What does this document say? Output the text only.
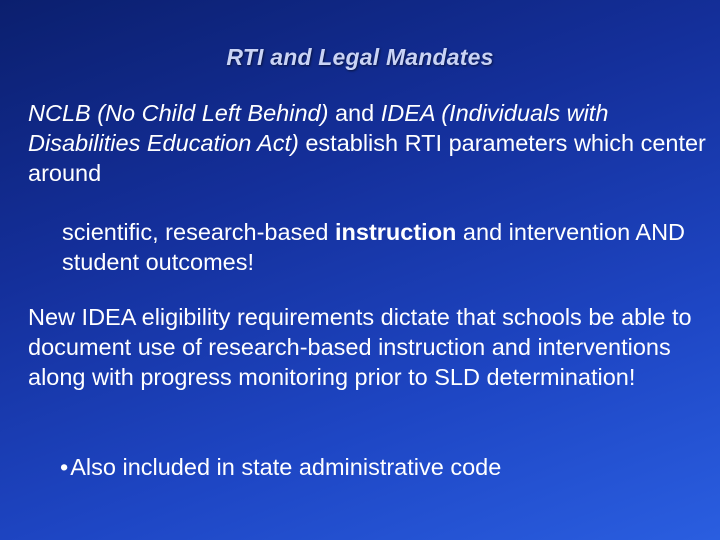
RTI and Legal Mandates

NCLB (No Child Left Behind) and IDEA (Individuals with Disabilities Education Act) establish RTI parameters which center around

scientific, research-based instruction and intervention AND student outcomes!

New IDEA eligibility requirements dictate that schools be able to document use of research-based instruction and interventions along with progress monitoring prior to SLD determination!

•Also included in state administrative code
